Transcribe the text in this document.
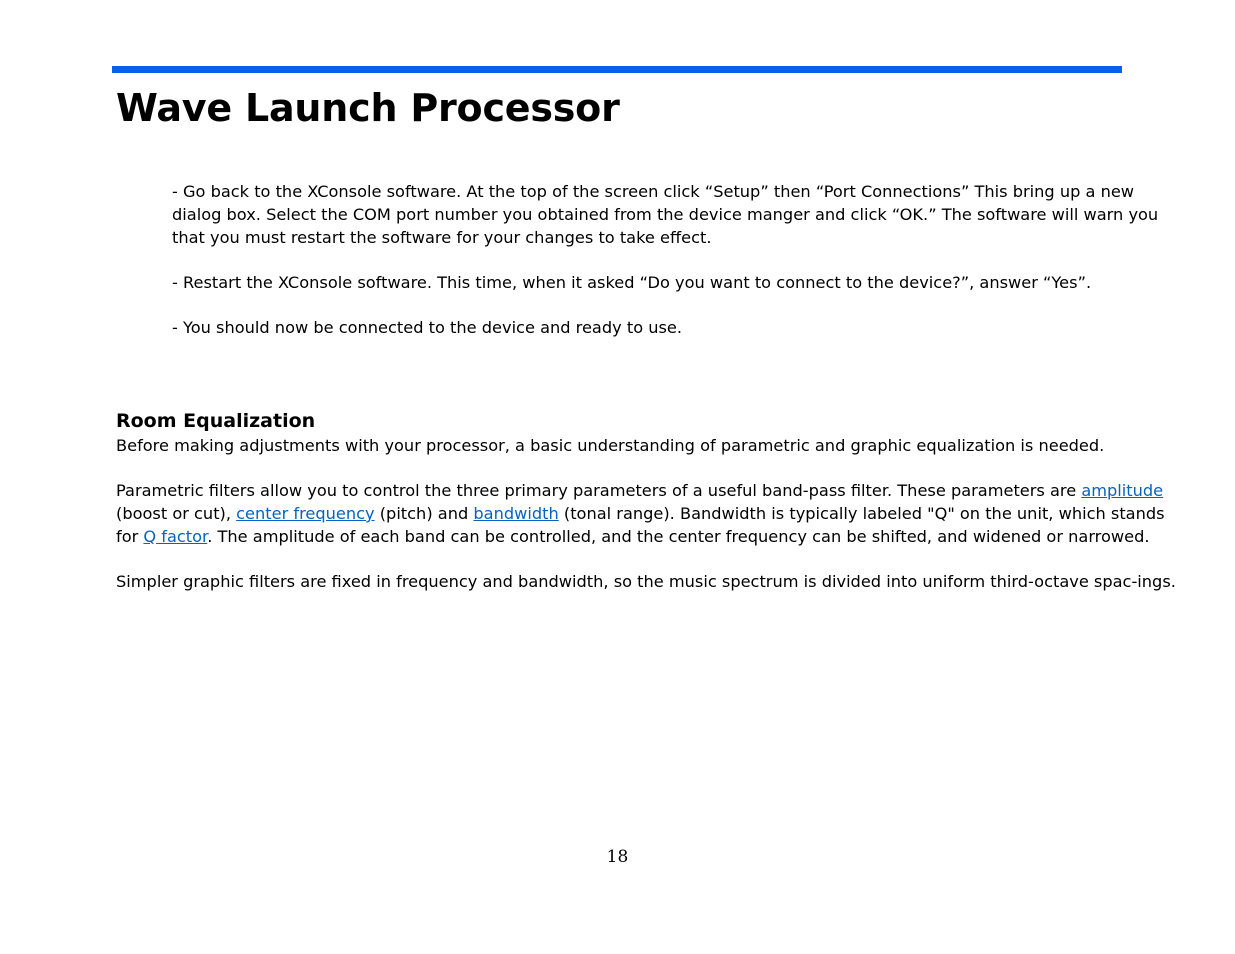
Wave Launch Processor

- Go back to the XConsole software. At the top of the screen click “Setup” then “Port Connections” This bring up a new dialog box. Select the COM port number you obtained from the device manger and click “OK.” The software will warn you that you must restart the software for your changes to take effect.

- Restart the XConsole software. This time, when it asked “Do you want to connect to the device?”, answer “Yes”.

- You should now be connected to the device and ready to use.

Room Equalization

Before making adjustments with your processor, a basic understanding of parametric and graphic equalization is needed.

Parametric filters allow you to control the three primary parameters of a useful band-pass filter. These parameters are amplitude (boost or cut), center frequency (pitch) and bandwidth (tonal range). Bandwidth is typically labeled "Q" on the unit, which stands for Q factor. The amplitude of each band can be controlled, and the center frequency can be shifted, and widened or narrowed.

Simpler graphic filters are fixed in frequency and bandwidth, so the music spectrum is divided into uniform third-octave spac-ings.

18
